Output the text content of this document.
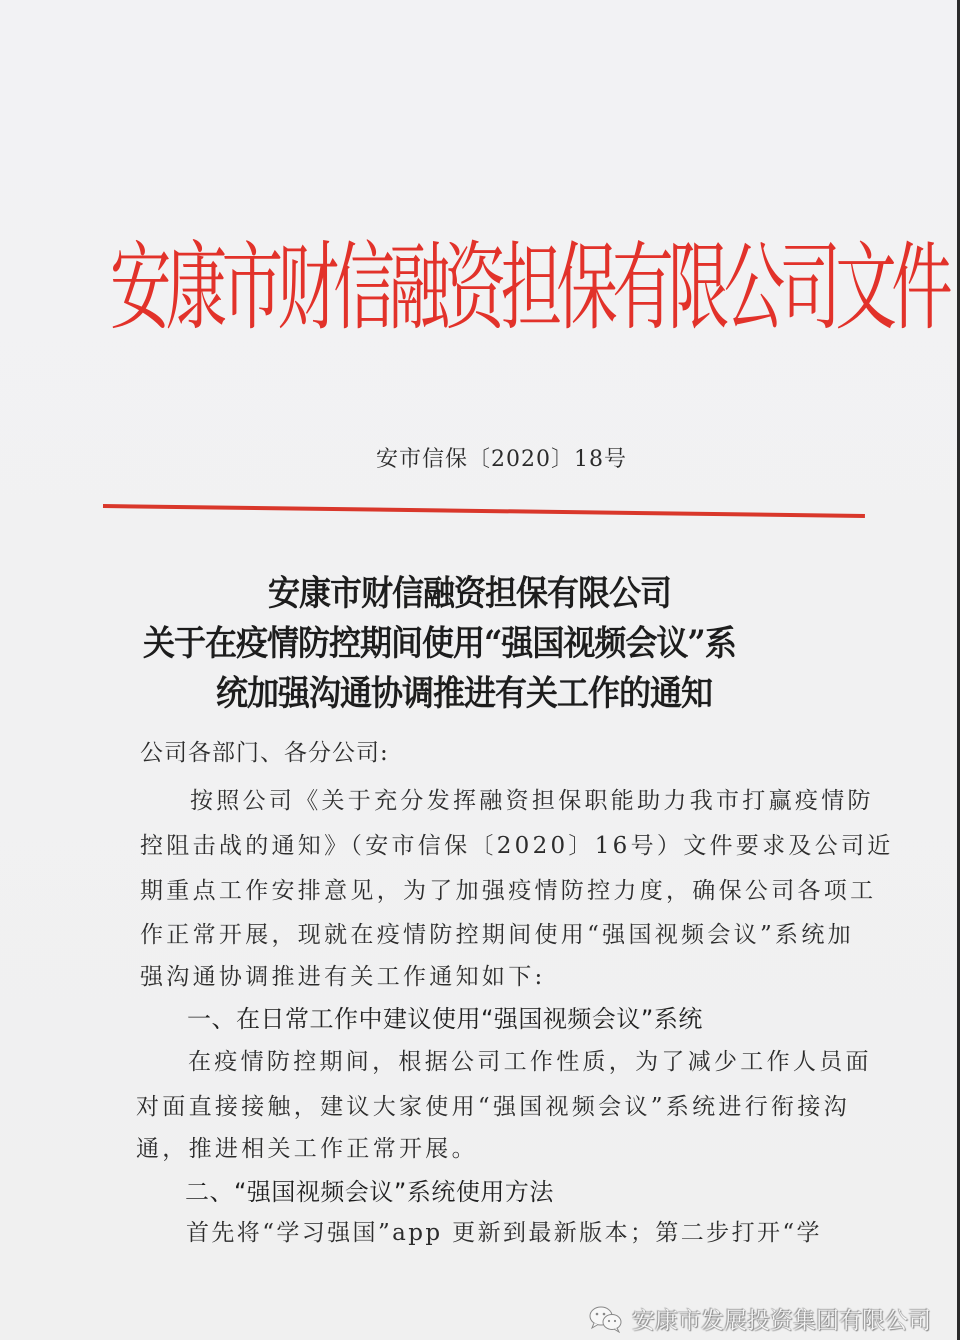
安康市财信融资担保有限公司文件
安市信保〔2020〕18号
安康市财信融资担保有限公司
关于在疫情防控期间使用“强国视频会议”系
统加强沟通协调推进有关工作的通知
公司各部门、各分公司:
按照公司《关于充分发挥融资担保职能助力我市打赢疫情防
控阻击战的通知》（安市信保〔2020〕16号）文件要求及公司近
期重点工作安排意见，为了加强疫情防控力度，确保公司各项工
作正常开展，现就在疫情防控期间使用“强国视频会议”系统加
强沟通协调推进有关工作通知如下:
一、在日常工作中建议使用“强国视频会议”系统
在疫情防控期间，根据公司工作性质，为了减少工作人员面
对面直接接触，建议大家使用“强国视频会议”系统进行衔接沟
通，推进相关工作正常开展。
二、“强国视频会议”系统使用方法
首先将“学习强国”app 更新到最新版本；第二步打开“学
安康市发展投资集团有限公司
